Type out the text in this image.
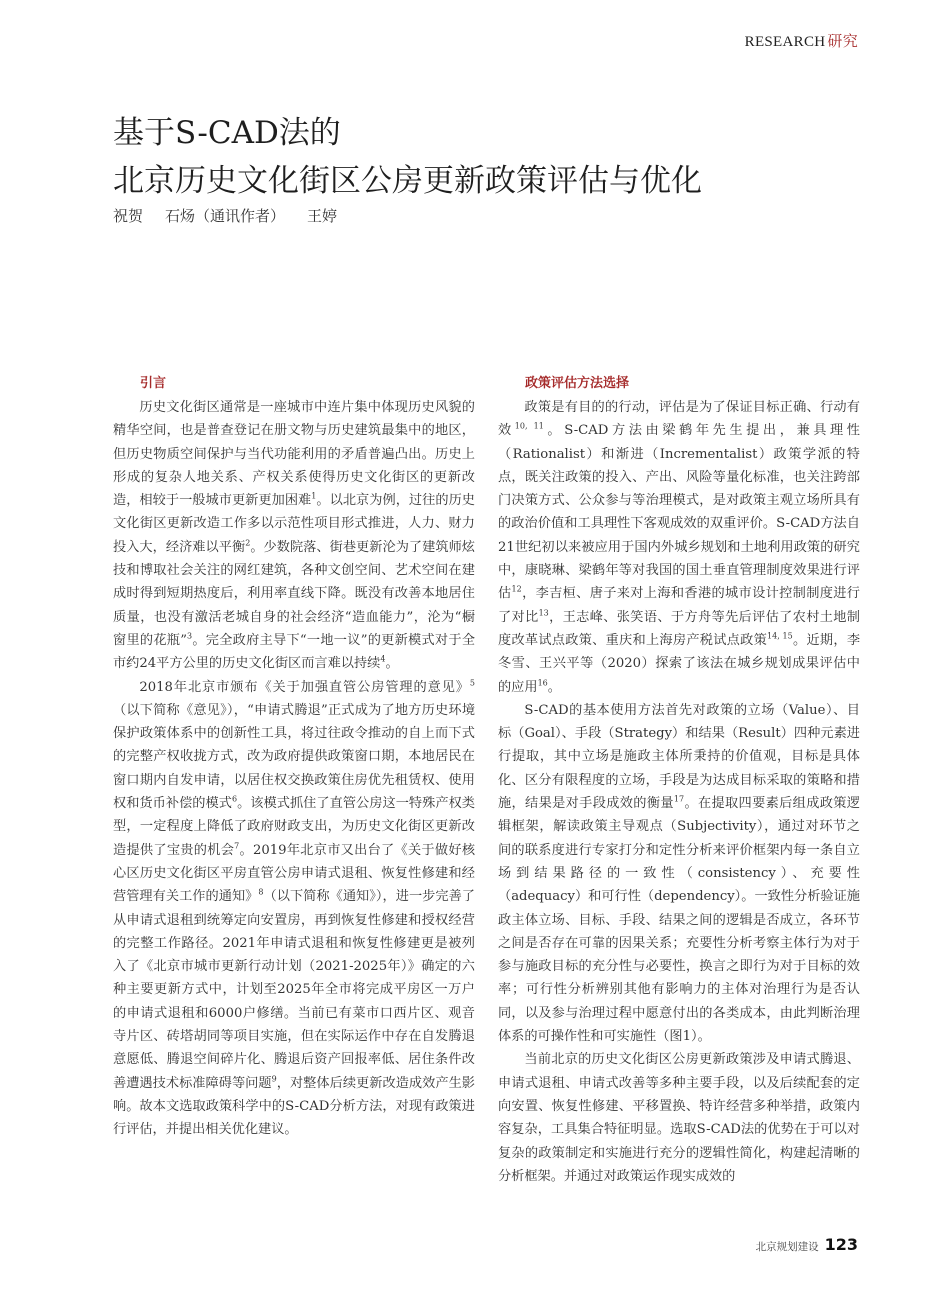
RESEARCH 研究
基于S-CAD法的
北京历史文化街区公房更新政策评估与优化
祝贺 石炀（通讯作者） 王婷
引言

历史文化街区通常是一座城市中连片集中体现历史风貌的精华空间，也是普查登记在册文物与历史建筑最集中的地区，但历史物质空间保护与当代功能利用的矛盾普遍凸出。历史上形成的复杂人地关系、产权关系使得历史文化街区的更新改造，相较于一般城市更新更加困难$^1$。以北京为例，过往的历史文化街区更新改造工作多以示范性项目形式推进，人力、财力投入大，经济难以平衡$^2$。少数院落、街巷更新沦为了建筑师炫技和博取社会关注的网红建筑，各种文创空间、艺术空间在建成时得到短期热度后，利用率直线下降。既没有改善本地居住质量，也没有激活老城自身的社会经济“造血能力”，沦为“橱窗里的花瓶”$^3$。完全政府主导下“一地一议”的更新模式对于全市约24平方公里的历史文化街区而言难以持续$^4$。

2018年北京市颁布《关于加强直管公房管理的意见》$^5$（以下简称《意见》），“申请式腾退”正式成为了地方历史环境保护政策体系中的创新性工具，将过往政令推动的自上而下式的完整产权收拢方式，改为政府提供政策窗口期，本地居民在窗口期内自发申请，以居住权交换政策住房优先租赁权、使用权和货币补偿的模式$^6$。该模式抓住了直管公房这一特殊产权类型，一定程度上降低了政府财政支出，为历史文化街区更新改造提供了宝贵的机会$^7$。2019年北京市又出台了《关于做好核心区历史文化街区平房直管公房申请式退租、恢复性修建和经营管理有关工作的通知》$^8$（以下简称《通知》），进一步完善了从申请式退租到统筹定向安置房，再到恢复性修建和授权经营的完整工作路径。2021年申请式退租和恢复性修建更是被列入了《北京市城市更新行动计划（2021-2025年）》确定的六种主要更新方式中，计划至2025年全市将完成平房区一万户的申请式退租和6000户修缮。当前已有菜市口西片区、观音寺片区、砖塔胡同等项目实施，但在实际运作中存在自发腾退意愿低、腾退空间碎片化、腾退后资产回报率低、居住条件改善遭遇技术标准障碍等问题$^9$，对整体后续更新改造成效产生影响。故本文选取政策科学中的S-CAD分析方法，对现有政策进行评估，并提出相关优化建议。

政策评估方法选择

政策是有目的的行动，评估是为了保证目标正确、行动有效$^{10, 11}$。S-CAD方法由梁鹤年先生提出，兼具理性（Rationalist）和渐进（Incrementalist）政策学派的特点，既关注政策的投入、产出、风险等量化标准，也关注跨部门决策方式、公众参与等治理模式，是对政策主观立场所具有的政治价值和工具理性下客观成效的双重评价。S-CAD方法自21世纪初以来被应用于国内外城乡规划和土地利用政策的研究中，康晓琳、梁鹤年等对我国的国土垂直管理制度效果进行评估$^{12}$，李吉桓、唐子来对上海和香港的城市设计控制制度进行了对比$^{13}$，王志峰、张笑语、于方舟等先后评估了农村土地制度改革试点政策、重庆和上海房产税试点政策$^{14, 15}$。近期，李冬雪、王兴平等（2020）探索了该法在城乡规划成果评估中的应用$^{16}$。

S-CAD的基本使用方法首先对政策的立场（Value）、目标（Goal）、手段（Strategy）和结果（Result）四种元素进行提取，其中立场是施政主体所秉持的价值观，目标是具体化、区分有限程度的立场，手段是为达成目标采取的策略和措施，结果是对手段成效的衡量$^{17}$。在提取四要素后组成政策逻辑框架，解读政策主导观点（Subjectivity），通过对环节之间的联系度进行专家打分和定性分析来评价框架内每一条自立场到结果路径的一致性（consistency）、充要性（adequacy）和可行性（dependency）。一致性分析验证施政主体立场、目标、手段、结果之间的逻辑是否成立，各环节之间是否存在可靠的因果关系；充要性分析考察主体行为对于参与施政目标的充分性与必要性，换言之即行为对于目标的效率；可行性分析辨别其他有影响力的主体对治理行为是否认同，以及参与治理过程中愿意付出的各类成本，由此判断治理体系的可操作性和可实施性（图1）。

当前北京的历史文化街区公房更新政策涉及申请式腾退、申请式退租、申请式改善等多种主要手段，以及后续配套的定向安置、恢复性修建、平移置换、特许经营多种举措，政策内容复杂，工具集合特征明显。选取S-CAD法的优势在于可以对复杂的政策制定和实施进行充分的逻辑性简化，构建起清晰的分析框架。并通过对政策运作现实成效的

北京规划建设 123
